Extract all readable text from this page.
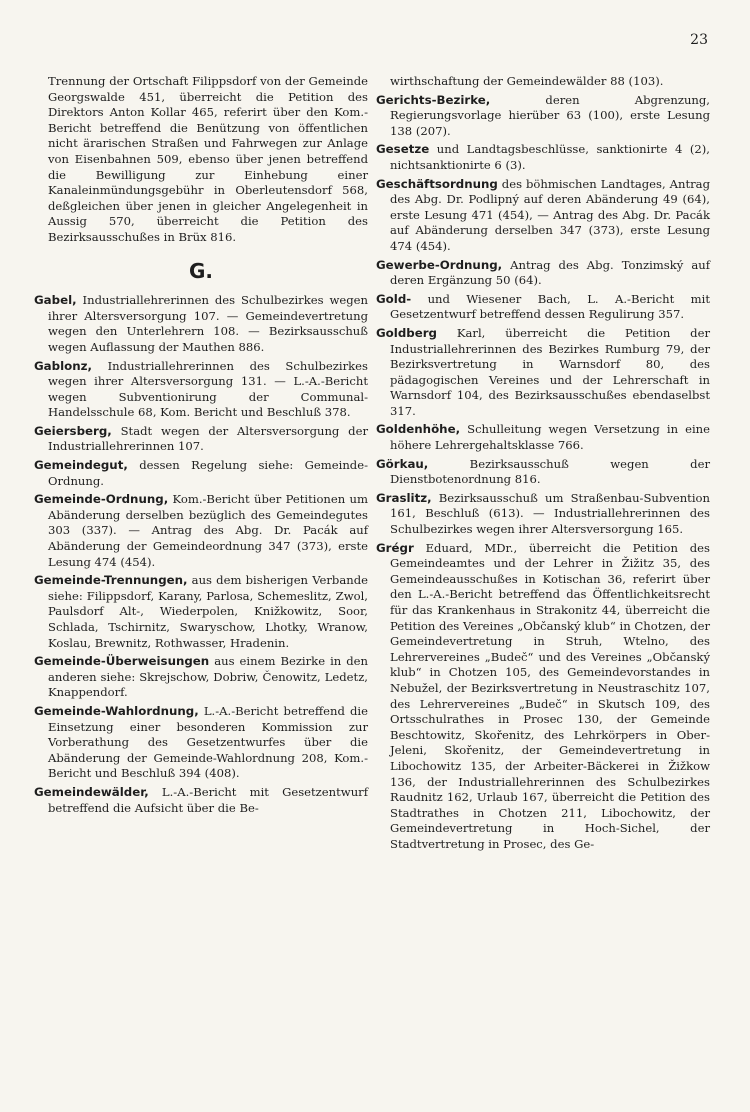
23

Trennung der Ortschaft Filippsdorf von der Gemeinde Georgswalde 451, überreicht die Petition des Direktors Anton Kollar 465, referirt über den Kom.-Bericht betreffend die Benützung von öffentlichen nicht ärarischen Straßen und Fahrwegen zur Anlage von Eisenbahnen 509, ebenso über jenen betreffend die Bewilligung zur Einhebung einer Kanaleinmündungsgebühr in Oberleutensdorf 568, deßgleichen über jenen in gleicher Angelegenheit in Aussig 570, überreicht die Petition des Bezirksausschußes in Brüx 816.

G.

Gabel, Industriallehrerinnen des Schulbezirkes wegen ihrer Altersversorgung 107. — Gemeindevertretung wegen den Unterlehrern 108. — Bezirksausschuß wegen Auflassung der Mauthen 886.

Gablonz, Industriallehrerinnen des Schulbezirkes wegen ihrer Altersversorgung 131. — L.-A.-Bericht wegen Subventionirung der Communal-Handelsschule 68, Kom. Bericht und Beschluß 378.

Geiersberg, Stadt wegen der Altersversorgung der Industriallehrerinnen 107.

Gemeindegut, dessen Regelung siehe: Gemeinde-Ordnung.

Gemeinde-Ordnung, Kom.-Bericht über Petitionen um Abänderung derselben bezüglich des Gemeindegutes 303 (337). — Antrag des Abg. Dr. Pacák auf Abänderung der Gemeindeordnung 347 (373), erste Lesung 474 (454).

Gemeinde-Trennungen, aus dem bisherigen Verbande siehe: Filippsdorf, Karany, Parlosa, Schemeslitz, Zwol, Paulsdorf Alt-, Wiederpolen, Knižkowitz, Soor, Schlada, Tschirnitz, Swaryschow, Lhotky, Wranow, Koslau, Brewnitz, Rothwasser, Hradenin.

Gemeinde-Überweisungen aus einem Bezirke in den anderen siehe: Skrejschow, Dobriw, Čenowitz, Ledetz, Knappendorf.

Gemeinde-Wahlordnung, L.-A.-Bericht betreffend die Einsetzung einer besonderen Kommission zur Vorberathung des Gesetzentwurfes über die Abänderung der Gemeinde-Wahlordnung 208, Kom.-Bericht und Beschluß 394 (408).

Gemeindewälder, L.-A.-Bericht mit Gesetzentwurf betreffend die Aufsicht über die Be-

wirthschaftung der Gemeindewälder 88 (103).

Gerichts-Bezirke, deren Abgrenzung, Regierungsvorlage hierüber 63 (100), erste Lesung 138 (207).

Gesetze und Landtagsbeschlüsse, sanktionirte 4 (2), nichtsanktionirte 6 (3).

Geschäftsordnung des böhmischen Landtages, Antrag des Abg. Dr. Podlipný auf deren Abänderung 49 (64), erste Lesung 471 (454), — Antrag des Abg. Dr. Pacák auf Abänderung derselben 347 (373), erste Lesung 474 (454).

Gewerbe-Ordnung, Antrag des Abg. Tonzimský auf deren Ergänzung 50 (64).

Gold- und Wiesener Bach, L. A.-Bericht mit Gesetzentwurf betreffend dessen Regulirung 357.

Goldberg Karl, überreicht die Petition der Industriallehrerinnen des Bezirkes Rumburg 79, der Bezirksvertretung in Warnsdorf 80, des pädagogischen Vereines und der Lehrerschaft in Warnsdorf 104, des Bezirksausschußes ebendaselbst 317.

Goldenhöhe, Schulleitung wegen Versetzung in eine höhere Lehrergehaltsklasse 766.

Görkau, Bezirksausschuß wegen der Dienstbotenordnung 816.

Graslitz, Bezirksausschuß um Straßenbau-Subvention 161, Beschluß (613). — Industriallehrerinnen des Schulbezirkes wegen ihrer Altersversorgung 165.

Grégr Eduard, MDr., überreicht die Petition des Gemeindeamtes und der Lehrer in Žižitz 35, des Gemeindeausschußes in Kotischan 36, referirt über den L.-A.-Bericht betreffend das Öffentlichkeitsrecht für das Krankenhaus in Strakonitz 44, überreicht die Petition des Vereines „Občanský klub“ in Chotzen, der Gemeindevertretung in Struh, Wtelno, des Lehrervereines „Budeč“ und des Vereines „Občanský klub“ in Chotzen 105, des Gemeindevorstandes in Nebužel, der Bezirksvertretung in Neustraschitz 107, des Lehrervereines „Budeč“ in Skutsch 109, des Ortsschulrathes in Prosec 130, der Gemeinde Beschtowitz, Skořenitz, des Lehrkörpers in Ober-Jeleni, Skořenitz, der Gemeindevertretung in Libochowitz 135, der Arbeiter-Bäckerei in Žižkow 136, der Industriallehrerinnen des Schulbezirkes Raudnitz 162, Urlaub 167, überreicht die Petition des Stadtrathes in Chotzen 211, Libochowitz, der Gemeindevertretung in Hoch-Sichel, der Stadtvertretung in Prosec, des Ge-
